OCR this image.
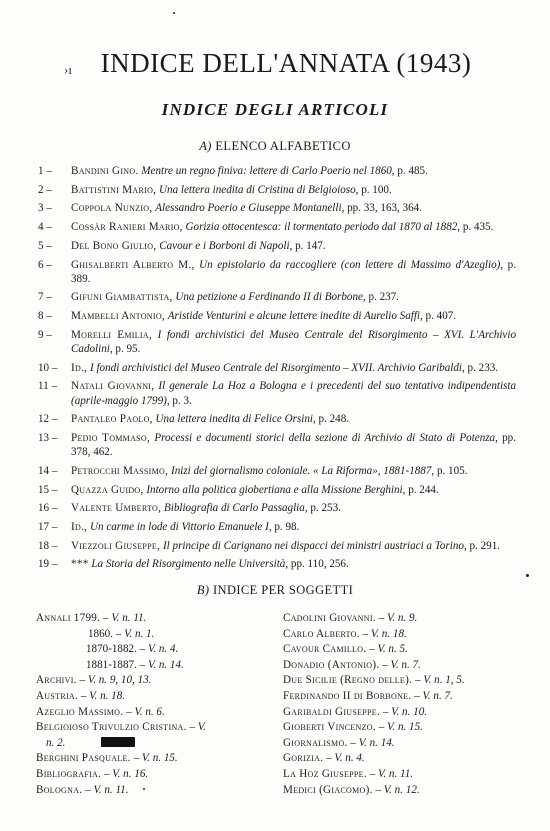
›ı	INDICE DELL'ANNATA (1943)
INDICE DEGLI ARTICOLI
A) ELENCO ALFABETICO
1 –	Bandini Gino. Mentre un regno finiva: lettere di Carlo Poerio nel 1860, p. 485.
2 –	Battistini Mario, Una lettera inedita di Cristina di Belgioioso, p. 100.
3 –	Coppola Nunzio, Alessandro Poerio e Giuseppe Montanelli, pp. 33, 163, 364.
4 –	Cossàr Ranieri Mario, Gorizia ottocentesca: il tormentato periodo dal 1870 al 1882, p. 435.
5 –	Del Bono Giulio, Cavour e i Borboni di Napoli, p. 147.
6 –	Ghisalberti Alberto M., Un epistolario da raccogliere (con lettere di Massimo d'Azeglio), p. 389.
7 –	Gifuni Giambattista, Una petizione a Ferdinando II di Borbone, p. 237.
8 –	Mambelli Antonio, Aristide Venturini e alcune lettere inedite di Aurelio Saffi, p. 407.
9 –	Morelli Emilia, I fondi archivistici del Museo Centrale del Risorgimento – XVI. L'Archivio Cadolini, p. 95.
10 –	Id., I fondi archivistici del Museo Centrale del Risorgimento – XVII. Archivio Garibaldi, p. 233.
11 –	Natali Giovanni, Il generale La Hoz a Bologna e i precedenti del suo tentativo indipendentista (aprile-maggio 1799), p. 3.
12 –	Pantaleo Paolo, Una lettera inedita di Felice Orsini, p. 248.
13 –	Pedio Tommaso, Processi e documenti storici della sezione di Archivio di Stato di Potenza, pp. 378, 462.
14 –	Petrocchi Massimo, Inizi del giornalismo coloniale. « La Riforma», 1881-1887, p. 105.
15 –	Quazza Guido, Intorno alla politica giobertiana e alla Missione Berghini, p. 244.
16 –	Valente Umberto, Bibliografia di Carlo Passaglia, p. 253.
17 –	Id., Un carme in lode di Vittorio Emanuele I, p. 98.
18 –	Viezzoli Giuseppe, Il principe di Carignano nei dispacci dei ministri austriaci a Torino, p. 291.
19 –	*** La Storia del Risorgimento nelle Università, pp. 110, 256.
B) INDICE PER SOGGETTI
Annali 1799. – V. n. 11.
1860. – V. n. 1.
1870-1882. – V. n. 4.
1881-1887. – V. n. 14.
Archivi. – V. n. 9, 10, 13.
Austria. – V. n. 18.
Azeglio Massimo. – V. n. 6.
Belgioioso Trivulzio Cristina. – V.
n. 2.
Berghini Pasquale. – V. n. 15.
Bibliografia. – V. n. 16.
Bologna. – V. n. 11.
Cadolini Giovanni. – V. n. 9.
Carlo Alberto. – V. n. 18.
Cavour Camillo. – V. n. 5.
Donadio (Antonio). – V. n. 7.
Due Sicilie (Regno delle). – V. n. 1, 5.
Ferdinando II di Borbone. – V. n. 7.
Garibaldi Giuseppe. – V. n. 10.
Gioberti Vincenzo. – V. n. 15.
Giornalismo. – V. n. 14.
Gorizia. – V. n. 4.
La Hoz Giuseppe. – V. n. 11.
Medici (Giacomo). – V. n. 12.
